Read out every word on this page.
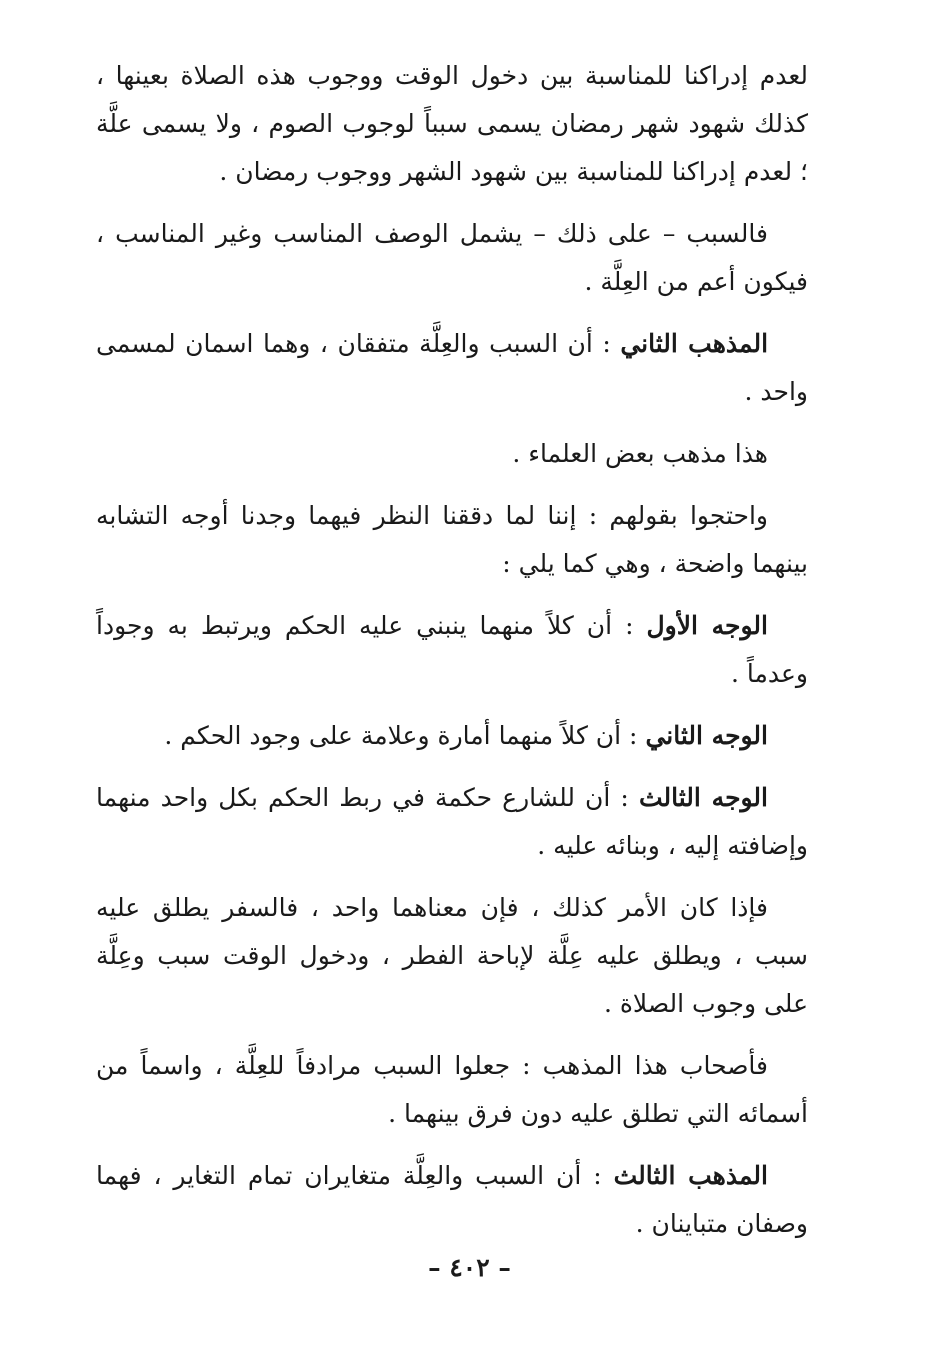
لعدم إدراكنا للمناسبة بين دخول الوقت ووجوب هذه الصلاة بعينها ، كذلك شهود شهر رمضان يسمى سبباً لوجوب الصوم ، ولا يسمى علَّة ؛ لعدم إدراكنا للمناسبة بين شهود الشهر ووجوب رمضان .

فالسبب – على ذلك – يشمل الوصف المناسب وغير المناسب ، فيكون أعم من العِلَّة .

المذهب الثاني : أن السبب والعِلَّة متفقان ، وهما اسمان لمسمى واحد .

هذا مذهب بعض العلماء .

واحتجوا بقولهم : إننا لما دققنا النظر فيهما وجدنا أوجه التشابه بينهما واضحة ، وهي كما يلي :

الوجه الأول : أن كلاً منهما ينبني عليه الحكم ويرتبط به وجوداً وعدماً .

الوجه الثاني : أن كلاً منهما أمارة وعلامة على وجود الحكم .

الوجه الثالث : أن للشارع حكمة في ربط الحكم بكل واحد منهما وإضافته إليه ، وبنائه عليه .

فإذا كان الأمر كذلك ، فإن معناهما واحد ، فالسفر يطلق عليه سبب ، ويطلق عليه عِلَّة لإباحة الفطر ، ودخول الوقت سبب وعِلَّة على وجوب الصلاة .

فأصحاب هذا المذهب : جعلوا السبب مرادفاً للعِلَّة ، واسماً من أسمائه التي تطلق عليه دون فرق بينهما .

المذهب الثالث : أن السبب والعِلَّة متغايران تمام التغاير ، فهما وصفان متباينان .

– ٤٠٢ –
